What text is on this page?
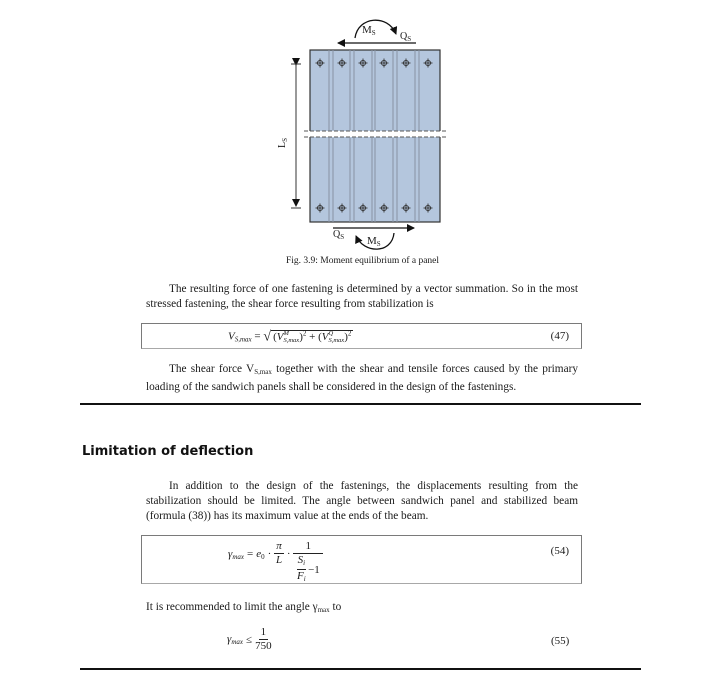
$M_S$ $Q_S$
$Q_S$ $M_S$
$L_S$
Fig. 3.9: Moment equilibrium of a panel

The resulting force of one fastening is determined by a vector summation. So in the most stressed fastening, the shear force resulting from stabilization is

$V_{S,max}$ = √ (V M
S,max )$^2$ + (V Q
S,max )$^2$	(47)

The shear force $V_{S,max}$ together with the shear and tensile forces caused by the primary loading of the sandwich panels shall be considered in the design of the fastenings.

Limitation of deflection

In addition to the design of the fastenings, the displacements resulting from the stabilization should be limited. The angle between sandwich panel and stabilized beam (formula (38)) has its maximum value at the ends of the beam.

$\gamma_{max} = e_0$ ·
π
L ·
1
$S_i$
$F_i$
−1
(54)

It is recommended to limit the angle $\gamma_{max}$ to

$\gamma_{max} \le \frac{1}{750}$	(55)
